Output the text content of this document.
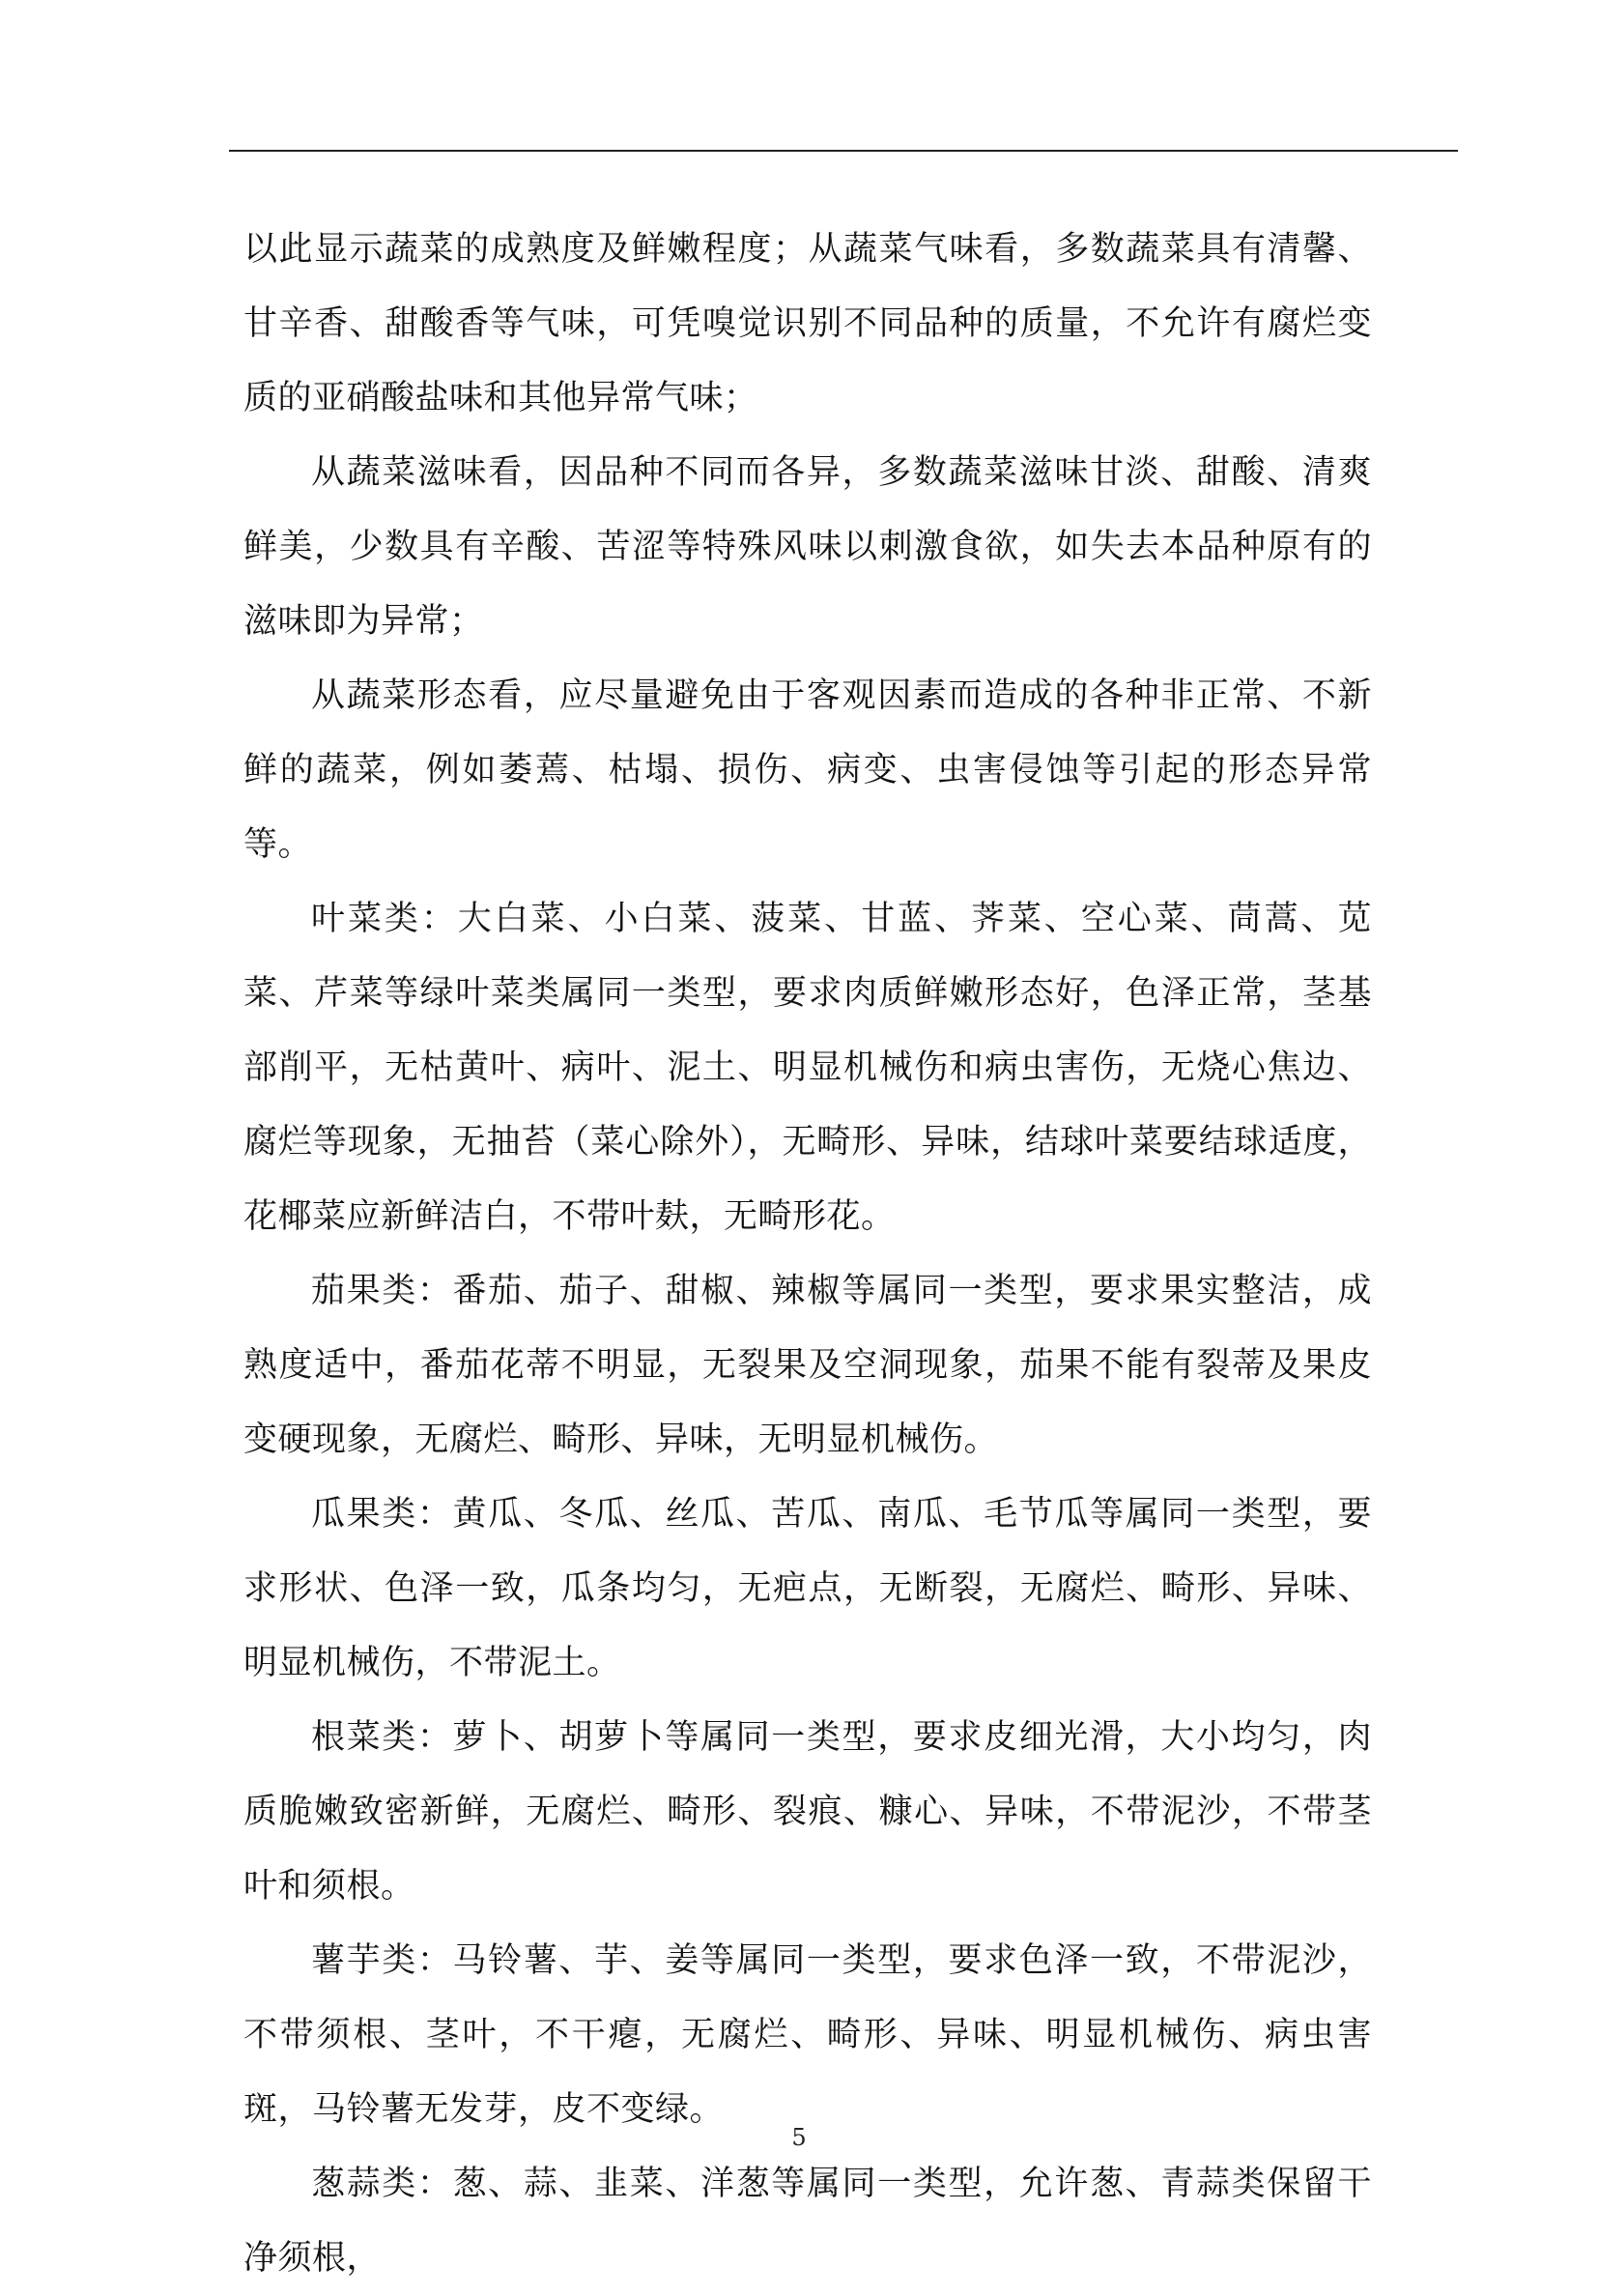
以此显示蔬菜的成熟度及鲜嫩程度；从蔬菜气味看，多数蔬菜具有清馨、甘辛香、甜酸香等气味，可凭嗅觉识别不同品种的质量，不允许有腐烂变质的亚硝酸盐味和其他异常气味；

从蔬菜滋味看，因品种不同而各异，多数蔬菜滋味甘淡、甜酸、清爽鲜美，少数具有辛酸、苦涩等特殊风味以刺激食欲，如失去本品种原有的滋味即为异常；

从蔬菜形态看，应尽量避免由于客观因素而造成的各种非正常、不新鲜的蔬菜，例如萎蔫、枯塌、损伤、病变、虫害侵蚀等引起的形态异常等。

叶菜类：大白菜、小白菜、菠菜、甘蓝、荠菜、空心菜、茼蒿、苋菜、芹菜等绿叶菜类属同一类型，要求肉质鲜嫩形态好，色泽正常，茎基部削平，无枯黄叶、病叶、泥土、明显机械伤和病虫害伤，无烧心焦边、腐烂等现象，无抽苔（菜心除外），无畸形、异味，结球叶菜要结球适度，花椰菜应新鲜洁白，不带叶麸，无畸形花。

茄果类：番茄、茄子、甜椒、辣椒等属同一类型，要求果实整洁，成熟度适中，番茄花蒂不明显，无裂果及空洞现象，茄果不能有裂蒂及果皮变硬现象，无腐烂、畸形、异味，无明显机械伤。

瓜果类：黄瓜、冬瓜、丝瓜、苦瓜、南瓜、毛节瓜等属同一类型，要求形状、色泽一致，瓜条均匀，无疤点，无断裂，无腐烂、畸形、异味、明显机械伤，不带泥土。

根菜类：萝卜、胡萝卜等属同一类型，要求皮细光滑，大小均匀，肉质脆嫩致密新鲜，无腐烂、畸形、裂痕、糠心、异味，不带泥沙，不带茎叶和须根。

薯芋类：马铃薯、芋、姜等属同一类型，要求色泽一致，不带泥沙，不带须根、茎叶，不干瘪，无腐烂、畸形、异味、明显机械伤、病虫害斑，马铃薯无发芽，皮不变绿。

葱蒜类：葱、蒜、韭菜、洋葱等属同一类型，允许葱、青蒜类保留干净须根，

5
